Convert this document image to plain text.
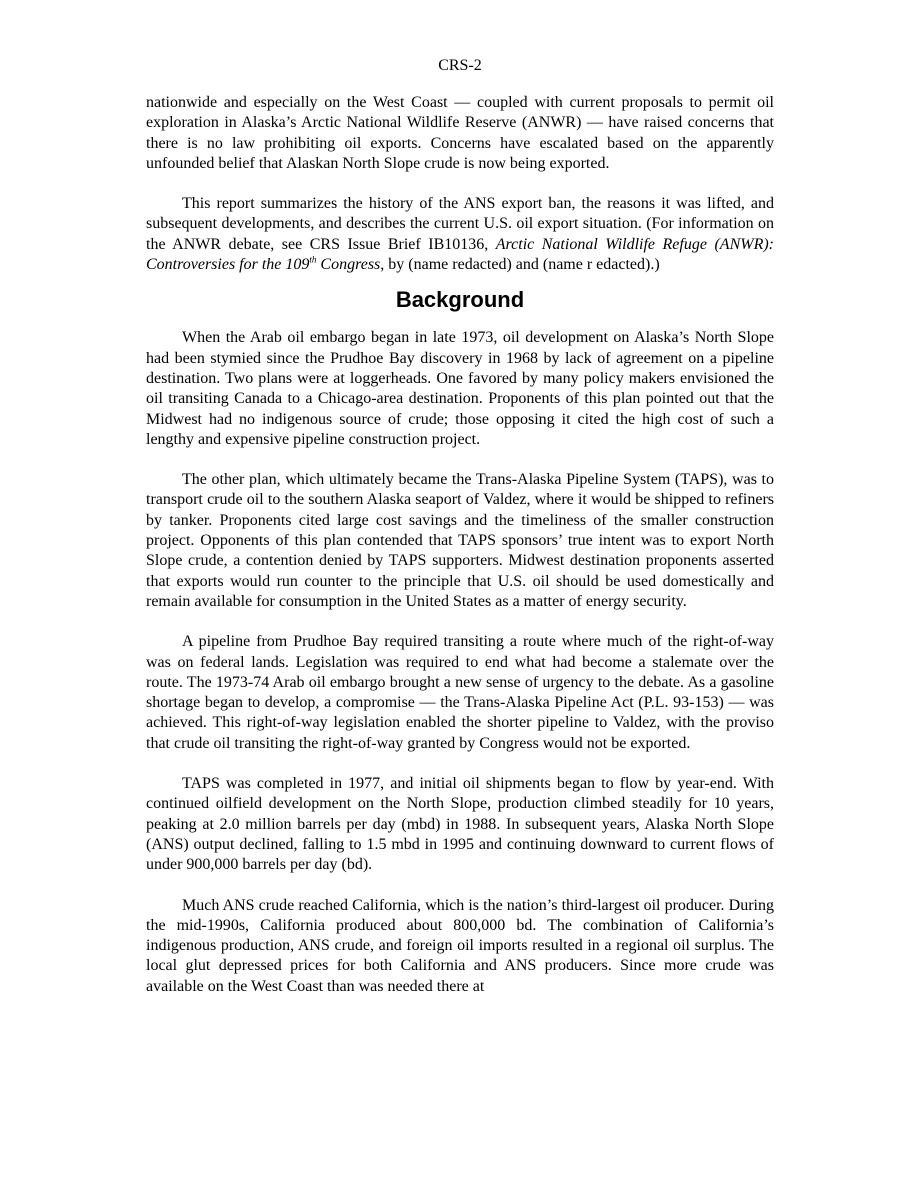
CRS-2

nationwide and especially on the West Coast — coupled with current proposals to permit oil exploration in Alaska’s Arctic National Wildlife Reserve (ANWR) — have raised concerns that there is no law prohibiting oil exports. Concerns have escalated based on the apparently unfounded belief that Alaskan North Slope crude is now being exported.

This report summarizes the history of the ANS export ban, the reasons it was lifted, and subsequent developments, and describes the current U.S. oil export situation. (For information on the ANWR debate, see CRS Issue Brief IB10136, Arctic National Wildlife Refuge (ANWR): Controversies for the 109th Congress, by (name redacted) and (name r edacted).)

Background

When the Arab oil embargo began in late 1973, oil development on Alaska’s North Slope had been stymied since the Prudhoe Bay discovery in 1968 by lack of agreement on a pipeline destination. Two plans were at loggerheads. One favored by many policy makers envisioned the oil transiting Canada to a Chicago-area destination. Proponents of this plan pointed out that the Midwest had no indigenous source of crude; those opposing it cited the high cost of such a lengthy and expensive pipeline construction project.

The other plan, which ultimately became the Trans-Alaska Pipeline System (TAPS), was to transport crude oil to the southern Alaska seaport of Valdez, where it would be shipped to refiners by tanker. Proponents cited large cost savings and the timeliness of the smaller construction project. Opponents of this plan contended that TAPS sponsors’ true intent was to export North Slope crude, a contention denied by TAPS supporters. Midwest destination proponents asserted that exports would run counter to the principle that U.S. oil should be used domestically and remain available for consumption in the United States as a matter of energy security.

A pipeline from Prudhoe Bay required transiting a route where much of the right-of-way was on federal lands. Legislation was required to end what had become a stalemate over the route. The 1973-74 Arab oil embargo brought a new sense of urgency to the debate. As a gasoline shortage began to develop, a compromise — the Trans-Alaska Pipeline Act (P.L. 93-153) — was achieved. This right-of-way legislation enabled the shorter pipeline to Valdez, with the proviso that crude oil transiting the right-of-way granted by Congress would not be exported.

TAPS was completed in 1977, and initial oil shipments began to flow by year-end. With continued oilfield development on the North Slope, production climbed steadily for 10 years, peaking at 2.0 million barrels per day (mbd) in 1988. In subsequent years, Alaska North Slope (ANS) output declined, falling to 1.5 mbd in 1995 and continuing downward to current flows of under 900,000 barrels per day (bd).

Much ANS crude reached California, which is the nation’s third-largest oil producer. During the mid-1990s, California produced about 800,000 bd. The combination of California’s indigenous production, ANS crude, and foreign oil imports resulted in a regional oil surplus. The local glut depressed prices for both California and ANS producers. Since more crude was available on the West Coast than was needed there at
